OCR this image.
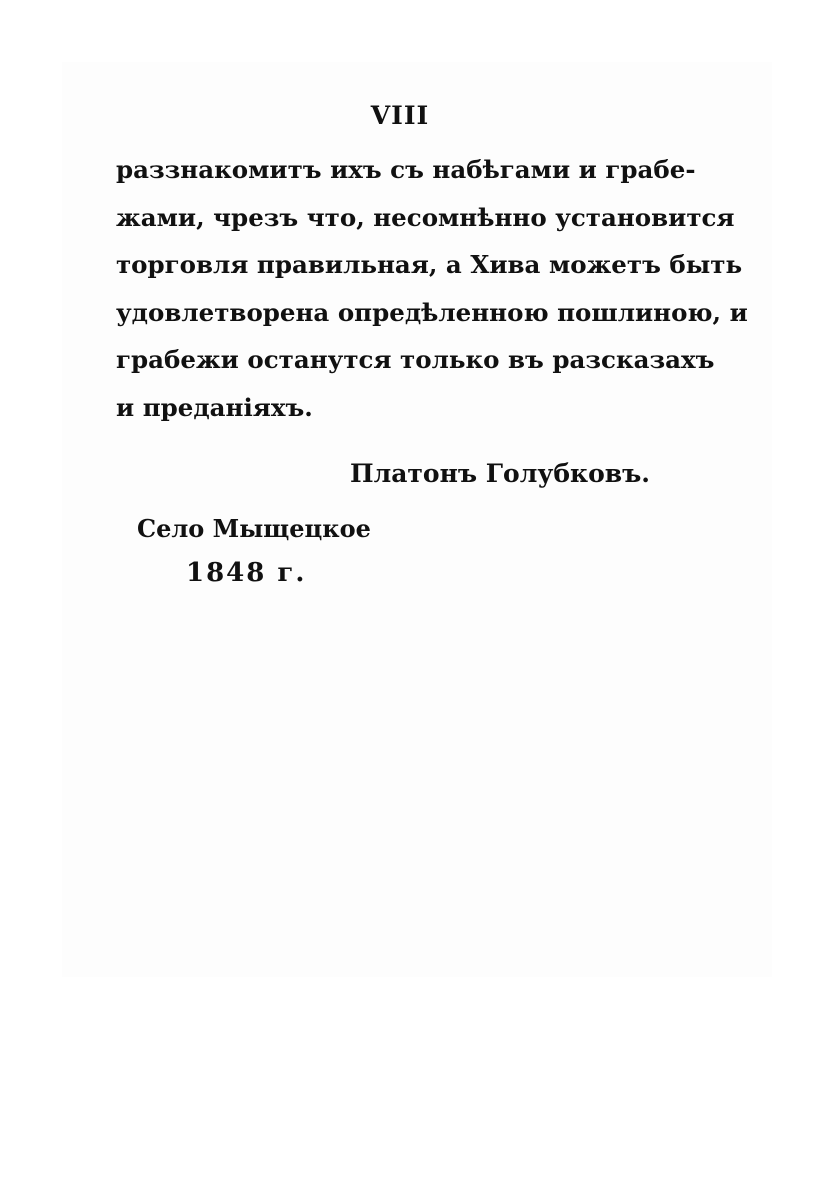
VIII
раззнакомитъ ихъ съ набѣгами и грабе-
жами, чрезъ что, несомнѣнно установится
торговля правильная, а Хива можетъ быть
удовлетворена опредѣленною пошлиною, и
грабежи останутся только въ разсказахъ
и преданіяхъ.
Платонъ Голубковъ.
Село Мыщецкое
1848 г.
